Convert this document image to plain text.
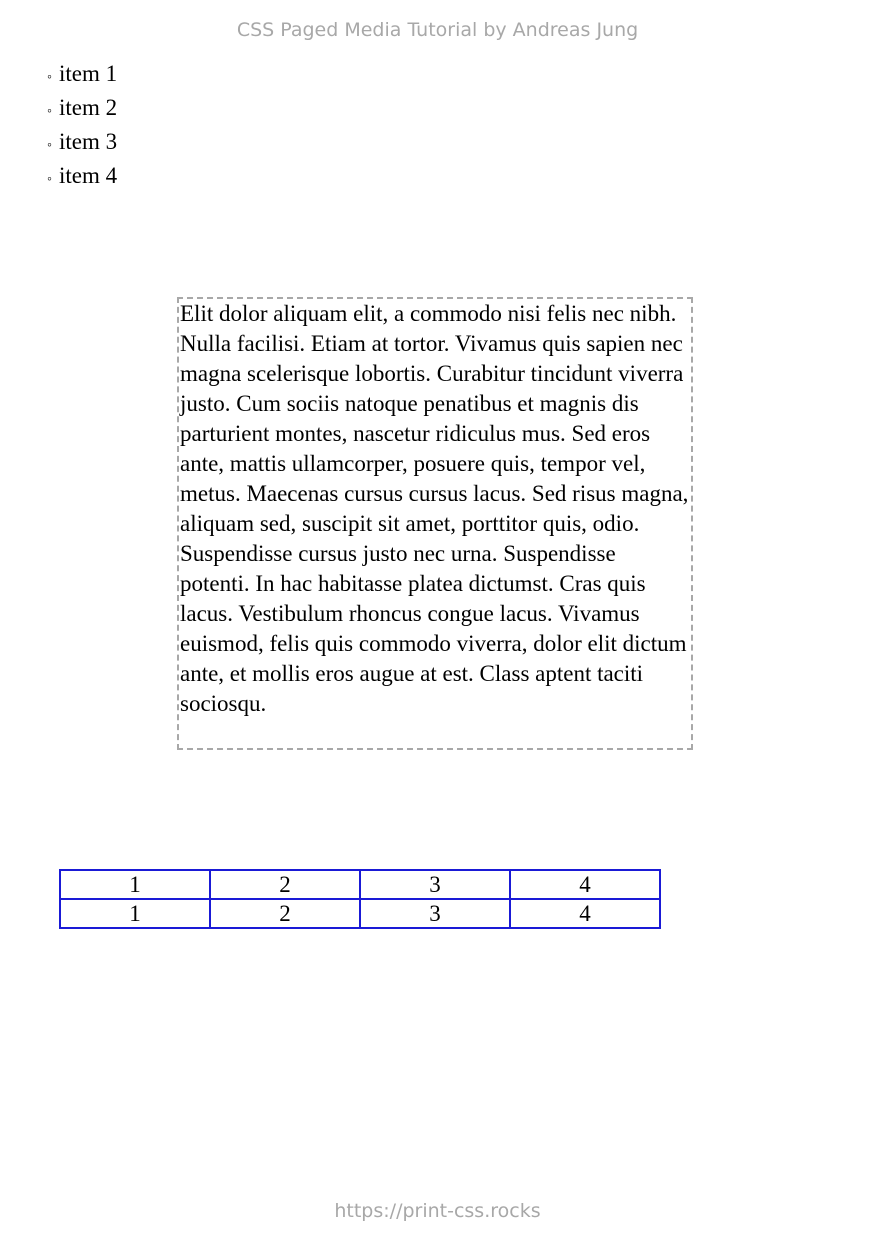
CSS Paged Media Tutorial by Andreas Jung
◦ item 1
◦ item 2
◦ item 3
◦ item 4

Elit dolor aliquam elit, a commodo nisi felis nec nibh. Nulla facilisi. Etiam at tortor. Vivamus quis sapien nec magna scelerisque lobortis. Curabitur tincidunt viverra justo. Cum sociis natoque penatibus et magnis dis parturient montes, nascetur ridiculus mus. Sed eros ante, mattis ullamcorper, posuere quis, tempor vel, metus. Maecenas cursus cursus lacus. Sed risus magna, aliquam sed, suscipit sit amet, porttitor quis, odio. Suspendisse cursus justo nec urna. Suspendisse potenti. In hac habitasse platea dictumst. Cras quis lacus. Vestibulum rhoncus congue lacus. Vivamus euismod, felis quis commodo viverra, dolor elit dictum ante, et mollis eros augue at est. Class aptent taciti sociosqu.

1	2	3	4
1	2	3	4
https://print-css.rocks
